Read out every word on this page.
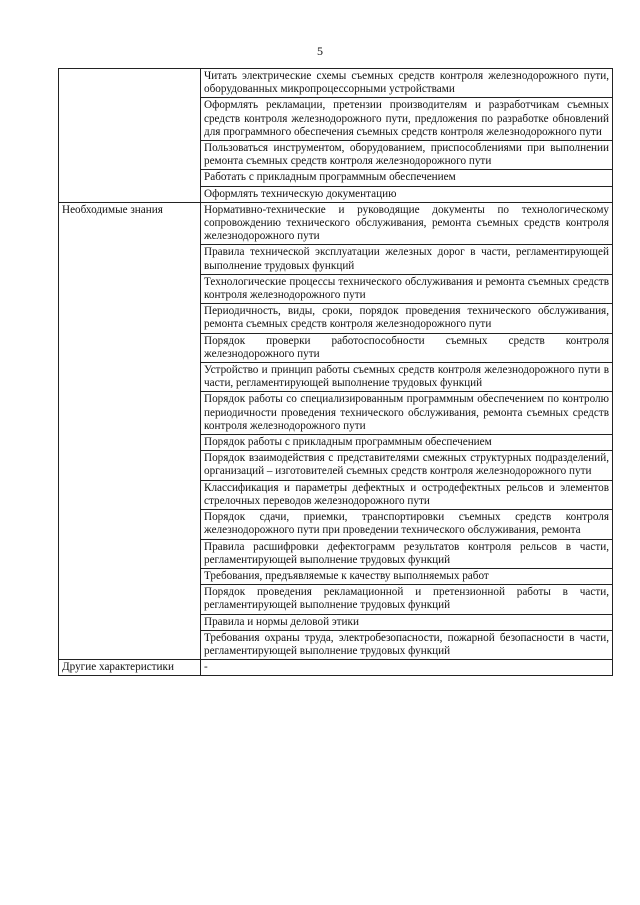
5
	Читать электрические схемы съемных средств контроля железнодорожного пути, оборудованных микропроцессорными устройствами
	Оформлять рекламации, претензии производителям и разработчикам съемных средств контроля железнодорожного пути, предложения по разработке обновлений для программного обеспечения съемных средств контроля железнодорожного пути
	Пользоваться инструментом, оборудованием, приспособлениями при выполнении ремонта съемных средств контроля железнодорожного пути
	Работать с прикладным программным обеспечением
	Оформлять техническую документацию
Необходимые знания	Нормативно-технические и руководящие документы по технологическому сопровождению технического обслуживания, ремонта съемных средств контроля железнодорожного пути
	Правила технической эксплуатации железных дорог в части, регламентирующей выполнение трудовых функций
	Технологические процессы технического обслуживания и ремонта съемных средств контроля железнодорожного пути
	Периодичность, виды, сроки, порядок проведения технического обслуживания, ремонта съемных средств контроля железнодорожного пути
	Порядок проверки работоспособности съемных средств контроля железнодорожного пути
	Устройство и принцип работы съемных средств контроля железнодорожного пути в части, регламентирующей выполнение трудовых функций
	Порядок работы со специализированным программным обеспечением по контролю периодичности проведения технического обслуживания, ремонта съемных средств контроля железнодорожного пути
	Порядок работы с прикладным программным обеспечением
	Порядок взаимодействия с представителями смежных структурных подразделений, организаций – изготовителей съемных средств контроля железнодорожного пути
	Классификация и параметры дефектных и остродефектных рельсов и элементов стрелочных переводов железнодорожного пути
	Порядок сдачи, приемки, транспортировки съемных средств контроля железнодорожного пути при проведении технического обслуживания, ремонта
	Правила расшифровки дефектограмм результатов контроля рельсов в части, регламентирующей выполнение трудовых функций
	Требования, предъявляемые к качеству выполняемых работ
	Порядок проведения рекламационной и претензионной работы в части, регламентирующей выполнение трудовых функций
	Правила и нормы деловой этики
	Требования охраны труда, электробезопасности, пожарной безопасности в части, регламентирующей выполнение трудовых функций
Другие характеристики	-
